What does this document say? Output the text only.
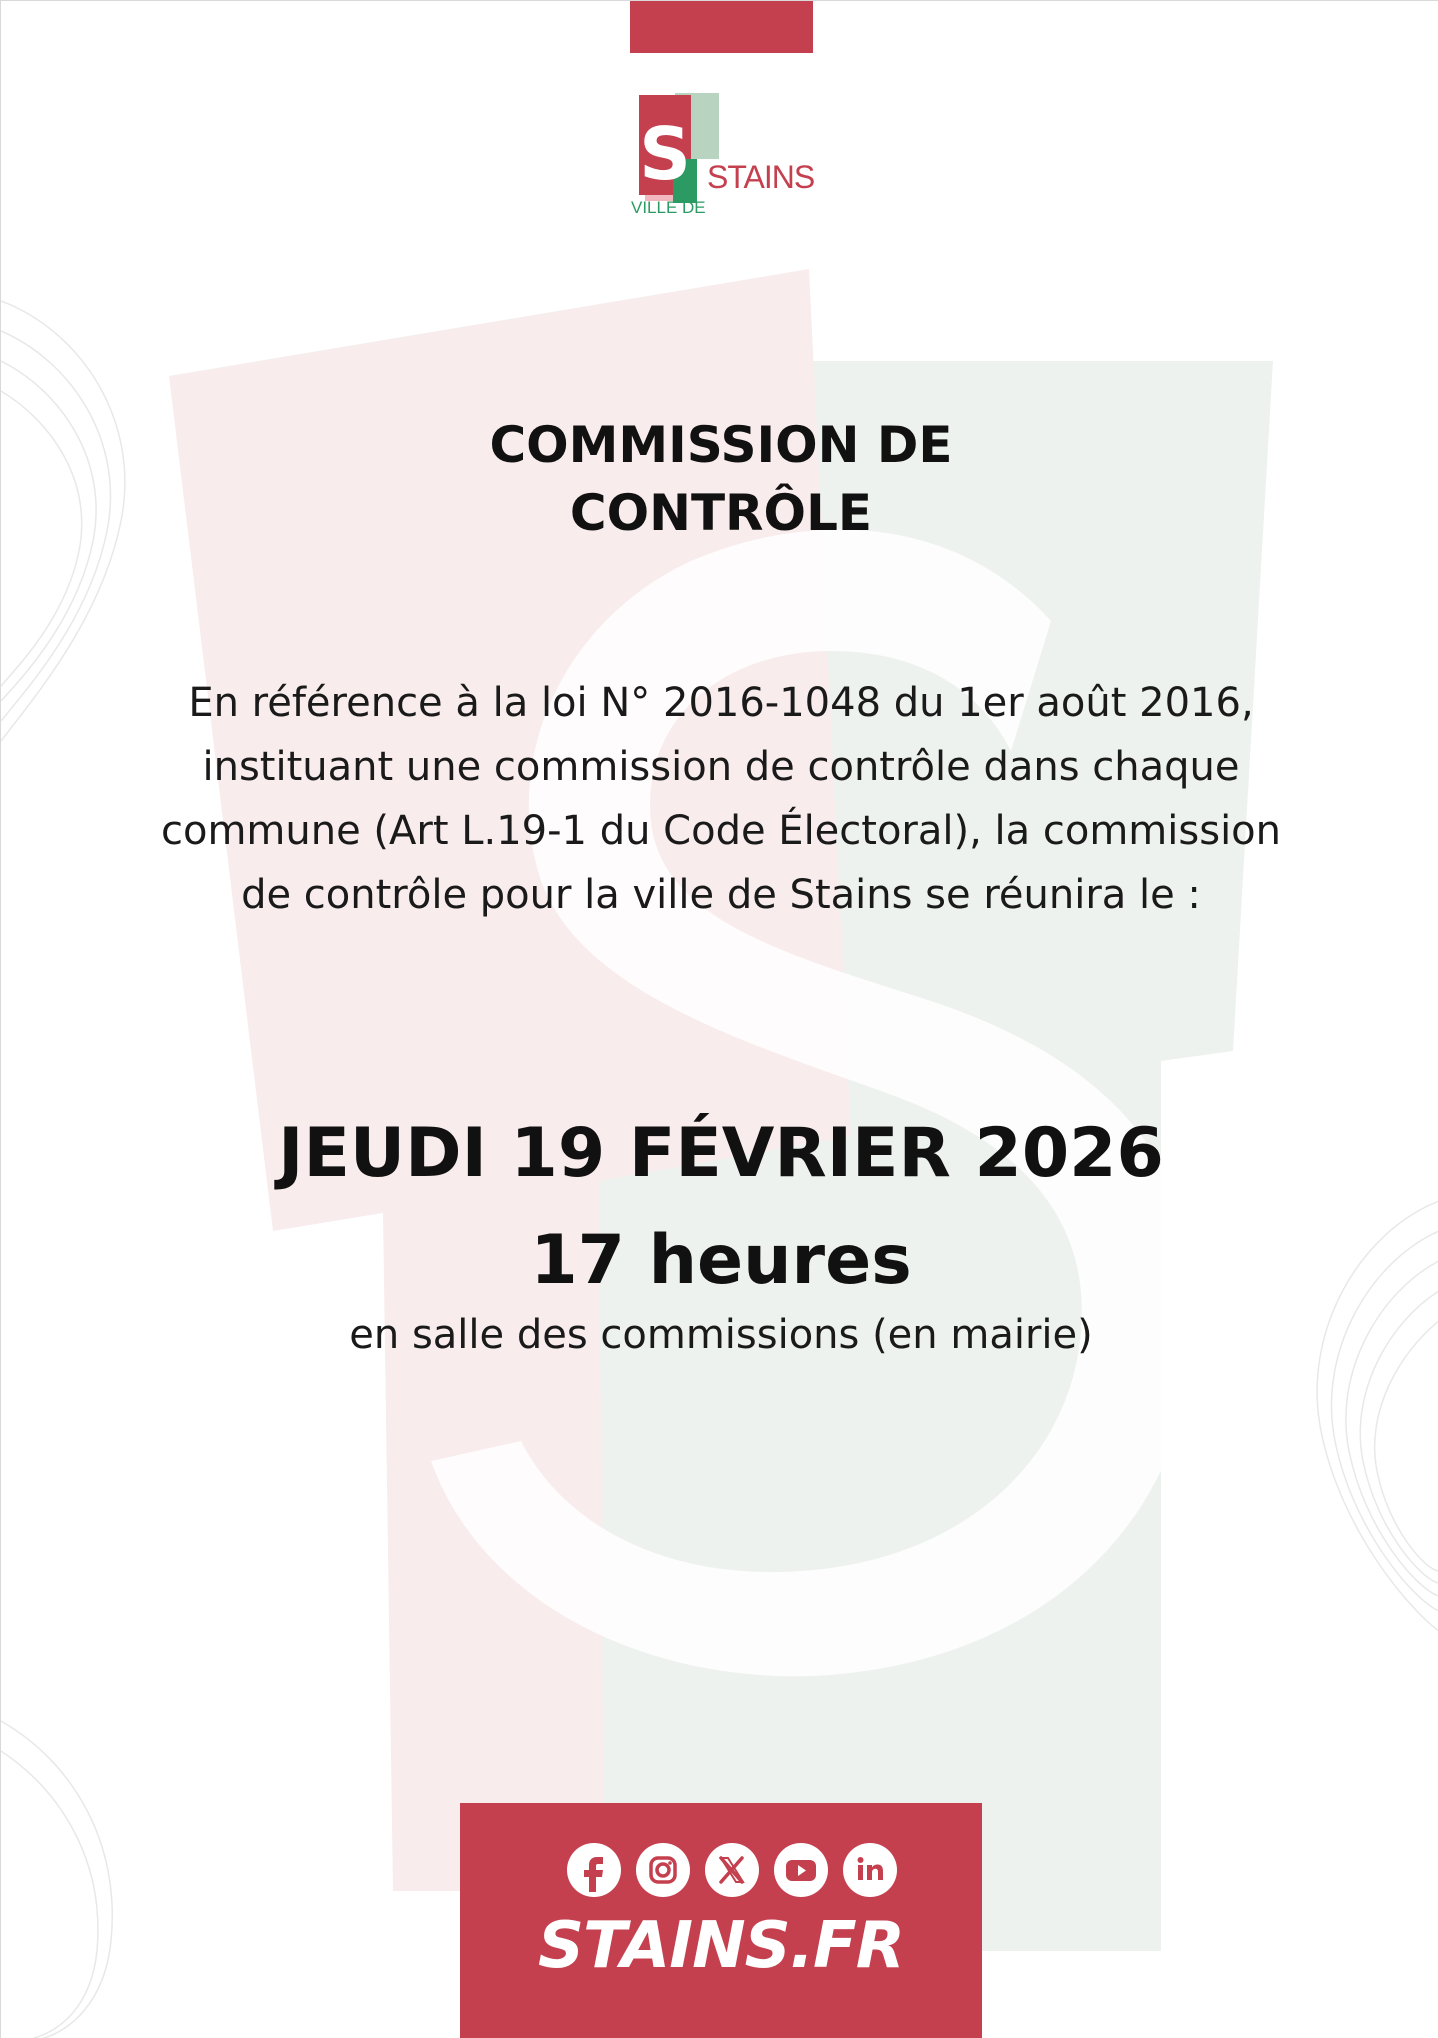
S STAINS
VILLE DE
COMMISSION DE
CONTRÔLE
En référence à la loi N° 2016-1048 du 1er août 2016,
instituant une commission de contrôle dans chaque
commune (Art L.19-1 du Code Électoral), la commission
de contrôle pour la ville de Stains se réunira le :
JEUDI 19 FÉVRIER 2026
17 heures
en salle des commissions (en mairie)
STAINS.FR
